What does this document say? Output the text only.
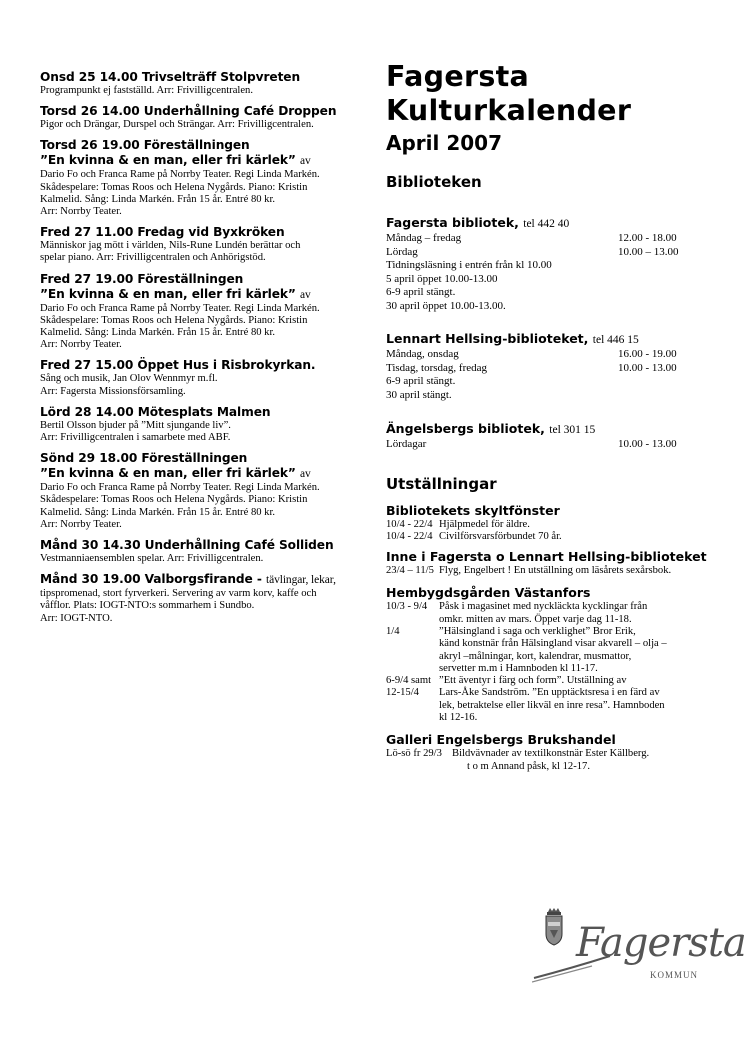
Onsd 25 14.00 Trivselträff Stolpvreten
Programpunkt ej fastställd. Arr: Frivilligcentralen.
Torsd 26 14.00 Underhållning Café Droppen
Pigor och Drängar, Durspel och Strängar. Arr: Frivilligcentralen.
Torsd 26 19.00 Föreställningen
”En kvinna & en man, eller fri kärlek” av
Dario Fo och Franca Rame på Norrby Teater. Regi Linda Markén.
Skådespelare: Tomas Roos och Helena Nygårds. Piano: Kristin
Kalmelid. Sång: Linda Markén. Från 15 år. Entré 80 kr.
Arr: Norrby Teater.
Fred 27 11.00 Fredag vid Byxkröken
Människor jag mött i världen, Nils-Rune Lundén berättar och
spelar piano. Arr: Frivilligcentralen och Anhörigstöd.
Fred 27 19.00 Föreställningen
”En kvinna & en man, eller fri kärlek” av
Dario Fo och Franca Rame på Norrby Teater. Regi Linda Markén.
Skådespelare: Tomas Roos och Helena Nygårds. Piano: Kristin
Kalmelid. Sång: Linda Markén. Från 15 år. Entré 80 kr.
Arr: Norrby Teater.
Fred 27 15.00 Öppet Hus i Risbrokyrkan.
Sång och musik, Jan Olov Wennmyr m.fl.
Arr: Fagersta Missionsförsamling.
Lörd 28 14.00 Mötesplats Malmen
Bertil Olsson bjuder på ”Mitt sjungande liv”.
Arr: Frivilligcentralen i samarbete med ABF.
Sönd 29 18.00 Föreställningen
”En kvinna & en man, eller fri kärlek” av
Dario Fo och Franca Rame på Norrby Teater. Regi Linda Markén.
Skådespelare: Tomas Roos och Helena Nygårds. Piano: Kristin
Kalmelid. Sång: Linda Markén. Från 15 år. Entré 80 kr.
Arr: Norrby Teater.
Månd 30 14.30 Underhållning Café Solliden
Vestmanniaensemblen spelar. Arr: Frivilligcentralen.
Månd 30 19.00 Valborgsfirande - tävlingar, lekar,
tipspromenad, stort fyrverkeri. Servering av varm korv, kaffe och
våfflor. Plats: IOGT-NTO:s sommarhem i Sundbo.
Arr: IOGT-NTO.
Fagersta
Kulturkalender
April 2007
Biblioteken
Fagersta bibliotek, tel 442 40
Måndag – fredag	12.00 - 18.00
Lördag	10.00 – 13.00
Tidningsläsning i entrén från kl 10.00
5 april öppet 10.00-13.00
6-9 april stängt.
30 april öppet 10.00-13.00.
Lennart Hellsing-biblioteket, tel 446 15
Måndag, onsdag	16.00 - 19.00
Tisdag, torsdag, fredag	10.00 - 13.00
6-9 april stängt.
30 april stängt.
Ängelsbergs bibliotek, tel 301 15
Lördagar	10.00 - 13.00
Utställningar
Bibliotekets skyltfönster
10/4 - 22/4 Hjälpmedel för äldre.
10/4 - 22/4 Civilförsvarsförbundet 70 år.
Inne i Fagersta o Lennart Hellsing-biblioteket
23/4 – 11/5 Flyg, Engelbert ! En utställning om läsårets sexårsbok.
Hembygdsgården Västanfors
10/3 - 9/4	Påsk i magasinet med nyckläckta kycklingar från
omkr. mitten av mars. Öppet varje dag 11-18.
1/4	”Hälsingland i saga och verklighet” Bror Erik,
känd konstnär från Hälsingland visar akvarell – olja –
akryl –målningar, kort, kalendrar, musmattor,
servetter m.m i Hamnboden kl 11-17.
6-9/4 samt ”Ett äventyr i färg och form”. Utställning av
12-15/4	Lars-Åke Sandström. ”En upptäcktsresa i en färd av
lek, betraktelse eller likväl en inre resa”. Hamnboden
kl 12-16.
Galleri Engelsbergs Brukshandel
Lö-sö fr 29/3 Bildvävnader av textilkonstnär Ester Källberg.
t o m Annand påsk, kl 12-17.
Fagersta
KOMMUN
